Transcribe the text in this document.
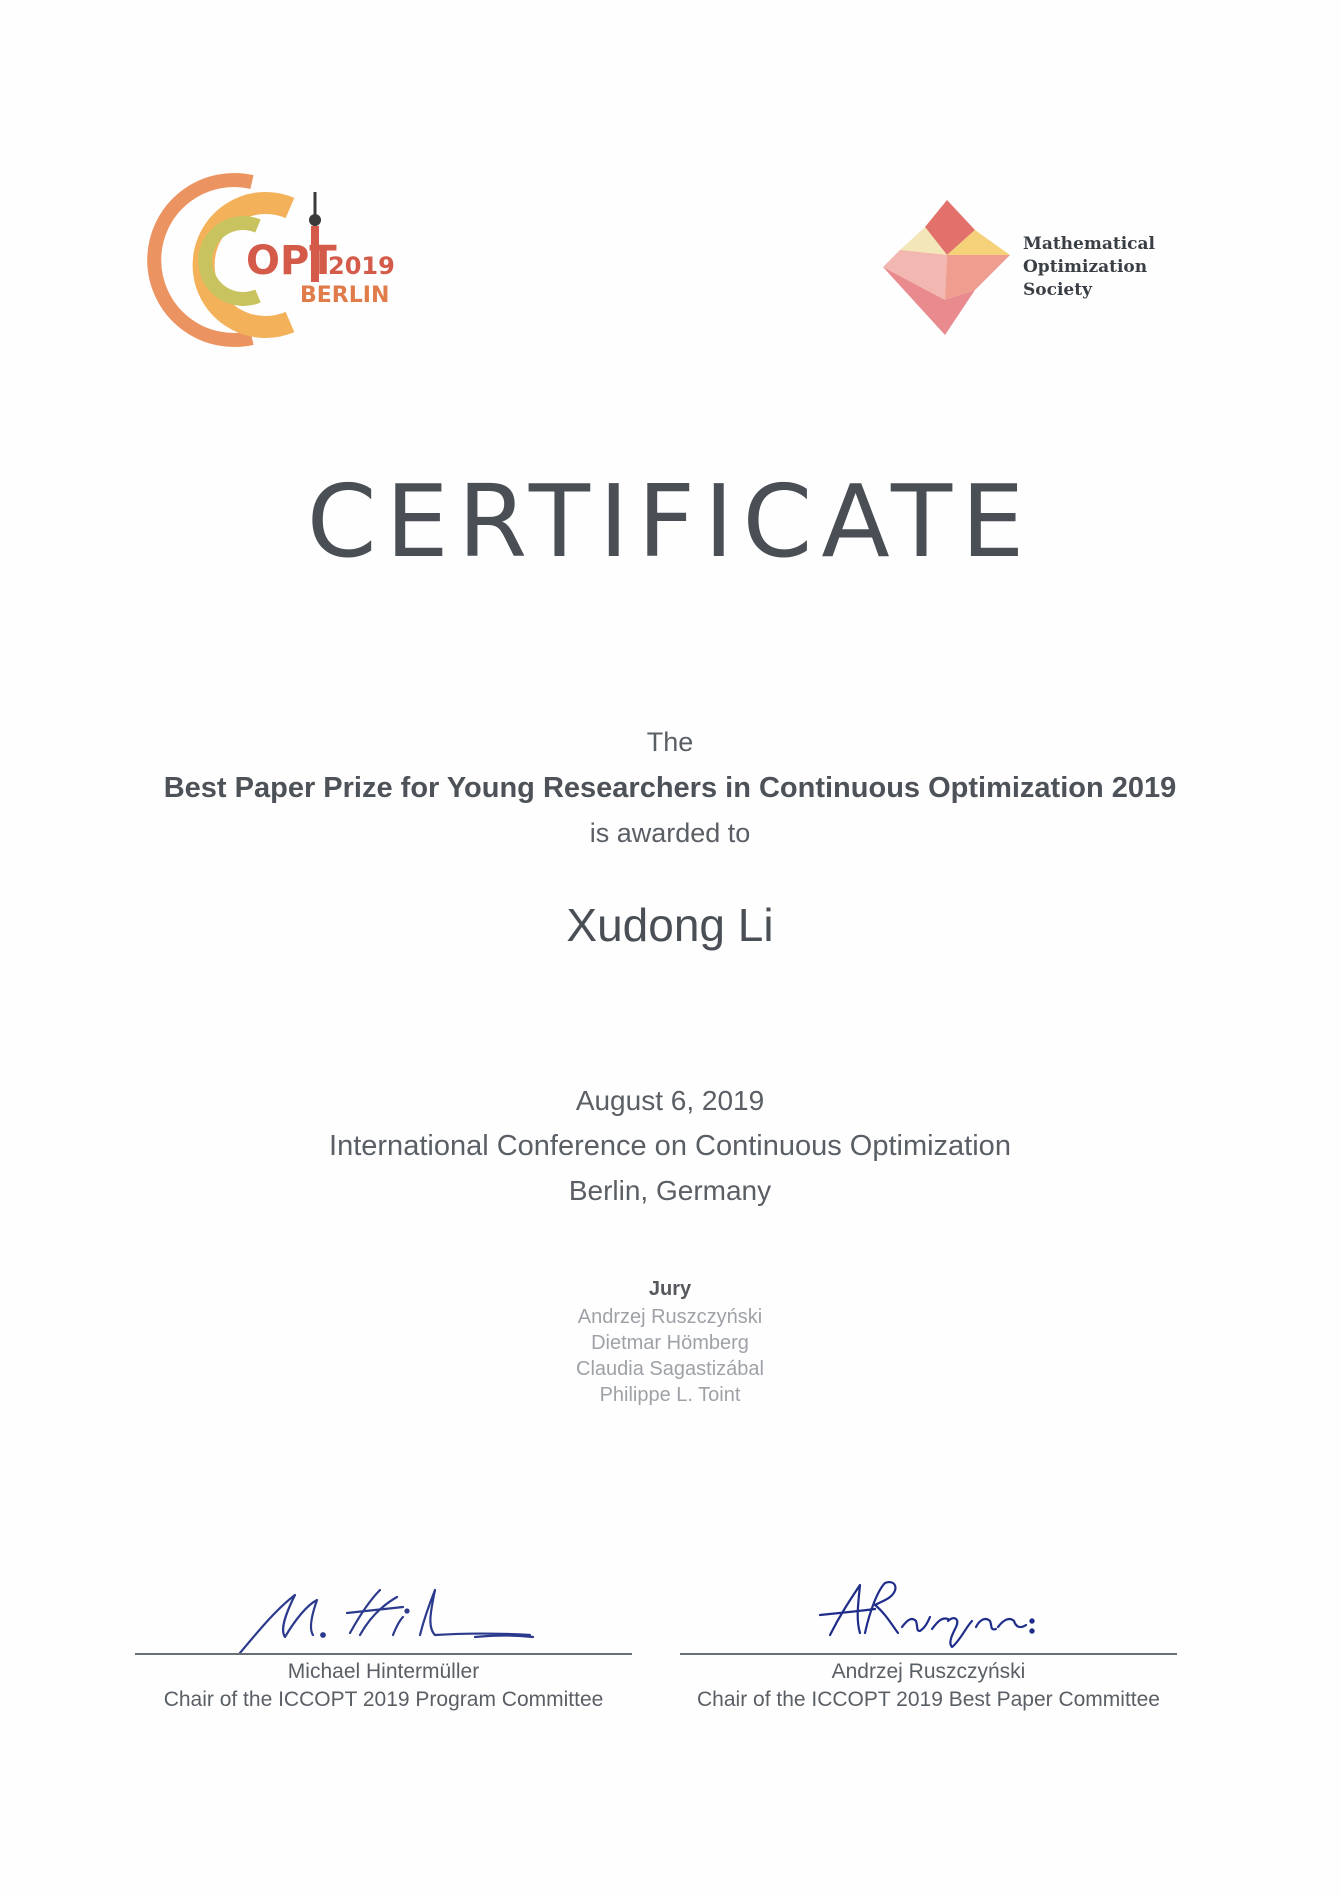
OPT
2019
BERLIN
Mathematical
Optimization
Society
CERTIFICATE
The
Best Paper Prize for Young Researchers in Continuous Optimization 2019
is awarded to
Xudong Li
August 6, 2019
International Conference on Continuous Optimization
Berlin, Germany
Jury
Andrzej Ruszczyński
Dietmar Hömberg
Claudia Sagastizábal
Philippe L. Toint
Michael Hintermüller
Chair of the ICCOPT 2019 Program Committee
Andrzej Ruszczyński
Chair of the ICCOPT 2019 Best Paper Committee
